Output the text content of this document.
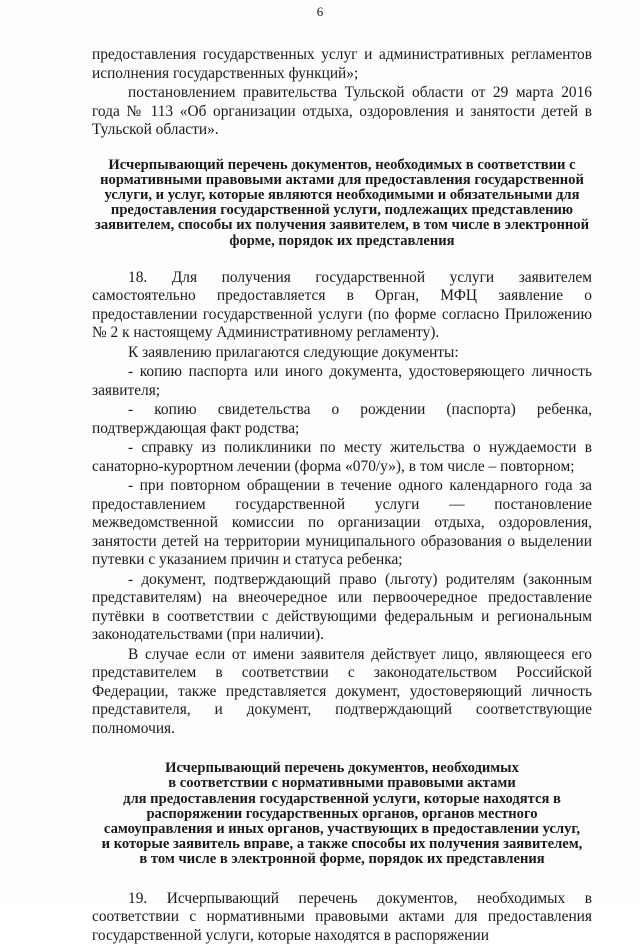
6

предоставления государственных услуг и административных регламентов исполнения государственных функций»;

постановлением правительства Тульской области от 29 марта 2016 года № 113 «Об организации отдыха, оздоровления и занятости детей в Тульской области».

Исчерпывающий перечень документов, необходимых в соответствии с нормативными правовыми актами для предоставления государственной услуги, и услуг, которые являются необходимыми и обязательными для предоставления государственной услуги, подлежащих представлению заявителем, способы их получения заявителем, в том числе в электронной форме, порядок их представления

18. Для получения государственной услуги заявителем самостоятельно предоставляется в Орган, МФЦ заявление о предоставлении государственной услуги (по форме согласно Приложению № 2 к настоящему Административному регламенту).

К заявлению прилагаются следующие документы:

- копию паспорта или иного документа, удостоверяющего личность заявителя;

- копию свидетельства о рождении (паспорта) ребенка, подтверждающая факт родства;

- справку из поликлиники по месту жительства о нуждаемости в санаторно-курортном лечении (форма «070/у»), в том числе – повторном;

- при повторном обращении в течение одного календарного года за предоставлением государственной услуги — постановление межведомственной комиссии по организации отдыха, оздоровления, занятости детей на территории муниципального образования о выделении путевки с указанием причин и статуса ребенка;

- документ, подтверждающий право (льготу) родителям (законным представителям) на внеочередное или первоочередное предоставление путёвки в соответствии с действующими федеральным и региональным законодательствами (при наличии).

В случае если от имени заявителя действует лицо, являющееся его представителем в соответствии с законодательством Российской Федерации, также представляется документ, удостоверяющий личность представителя, и документ, подтверждающий соответствующие полномочия.

Исчерпывающий перечень документов, необходимых

в соответствии с нормативными правовыми актами

для предоставления государственной услуги, которые находятся в

распоряжении государственных органов, органов местного

самоуправления и иных органов, участвующих в предоставлении услуг,

и которые заявитель вправе, а также способы их получения заявителем,

в том числе в электронной форме, порядок их представления

19. Исчерпывающий перечень документов, необходимых в соответствии с нормативными правовыми актами для предоставления государственной услуги, которые находятся в распоряжении
